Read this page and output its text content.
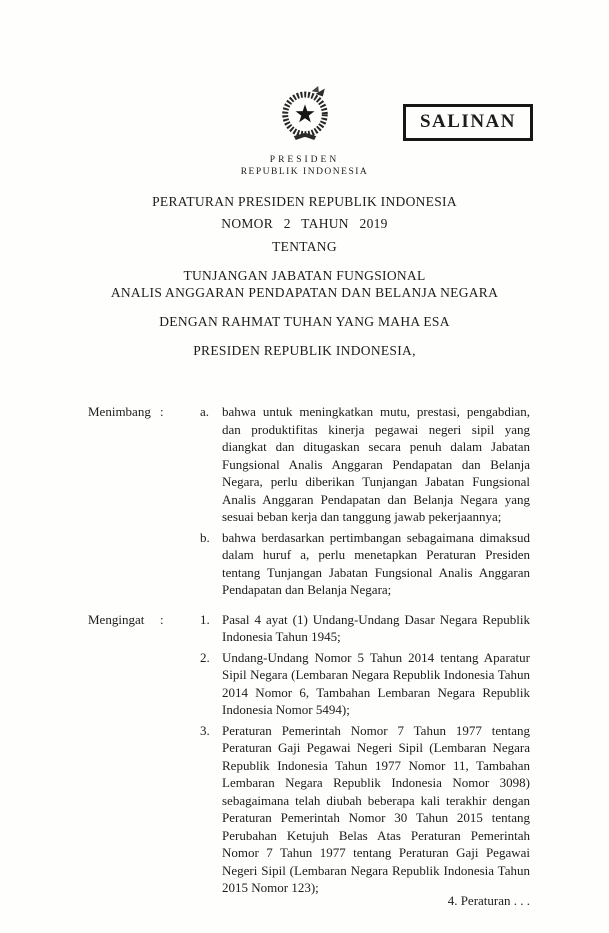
SALINAN
PRESIDEN
REPUBLIK INDONESIA
PERATURAN PRESIDEN REPUBLIK INDONESIA
NOMOR 2 TAHUN 2019
TENTANG
TUNJANGAN JABATAN FUNGSIONAL
ANALIS ANGGARAN PENDAPATAN DAN BELANJA NEGARA
DENGAN RAHMAT TUHAN YANG MAHA ESA
PRESIDEN REPUBLIK INDONESIA,
Menimbang :	a. bahwa untuk meningkatkan mutu, prestasi, pengabdian, dan produktifitas kinerja pegawai negeri sipil yang diangkat dan ditugaskan secara penuh dalam Jabatan Fungsional Analis Anggaran Pendapatan dan Belanja Negara, perlu diberikan Tunjangan Jabatan Fungsional Analis Anggaran Pendapatan dan Belanja Negara yang sesuai beban kerja dan tanggung jawab pekerjaannya;
b. bahwa berdasarkan pertimbangan sebagaimana dimaksud dalam huruf a, perlu menetapkan Peraturan Presiden tentang Tunjangan Jabatan Fungsional Analis Anggaran Pendapatan dan Belanja Negara;
Mengingat	:	1. Pasal 4 ayat (1) Undang-Undang Dasar Negara Republik Indonesia Tahun 1945;
2. Undang-Undang Nomor 5 Tahun 2014 tentang Aparatur Sipil Negara (Lembaran Negara Republik Indonesia Tahun 2014 Nomor 6, Tambahan Lembaran Negara Republik Indonesia Nomor 5494);
3. Peraturan Pemerintah Nomor 7 Tahun 1977 tentang Peraturan Gaji Pegawai Negeri Sipil (Lembaran Negara Republik Indonesia Tahun 1977 Nomor 11, Tambahan Lembaran Negara Republik Indonesia Nomor 3098) sebagaimana telah diubah beberapa kali terakhir dengan Peraturan Pemerintah Nomor 30 Tahun 2015 tentang Perubahan Ketujuh Belas Atas Peraturan Pemerintah Nomor 7 Tahun 1977 tentang Peraturan Gaji Pegawai Negeri Sipil (Lembaran Negara Republik Indonesia Tahun 2015 Nomor 123);
4. Peraturan . . .
